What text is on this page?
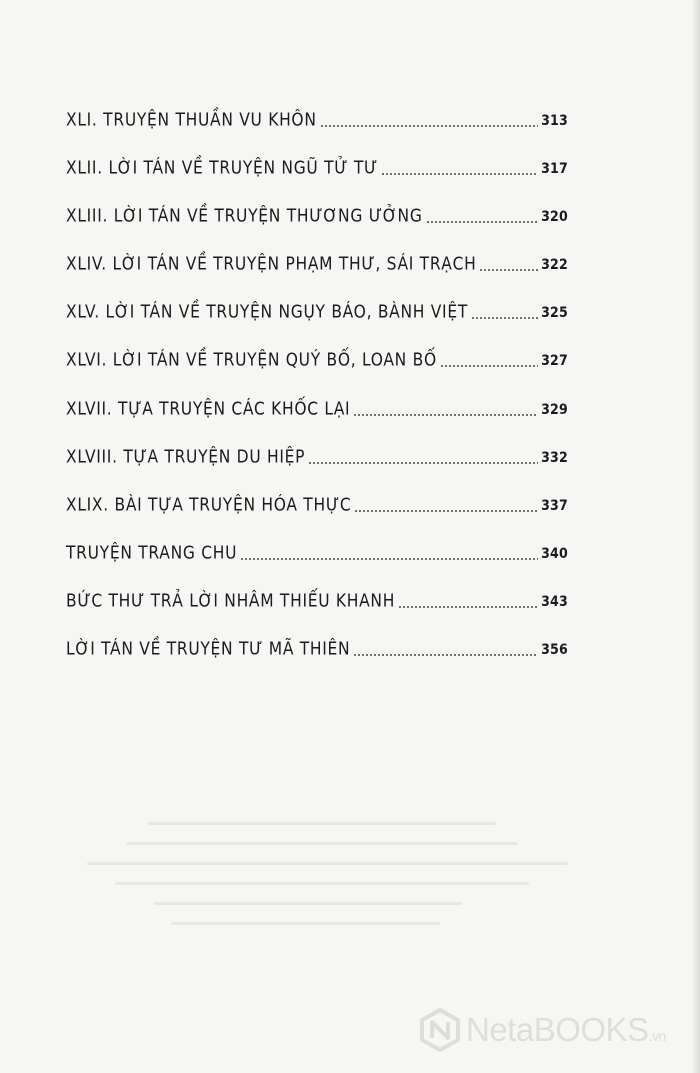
XLI. TRUYỆN THUẦN VU KHÔN	313
XLII. LỜI TÁN VỀ TRUYỆN NGŨ TỬ TƯ	317
XLIII. LỜI TÁN VỀ TRUYỆN THƯƠNG ƯỞNG	320
XLIV. LỜI TÁN VỀ TRUYỆN PHẠM THƯ, SÁI TRẠCH	322
XLV. LỜI TÁN VỀ TRUYỆN NGỤY BÁO, BÀNH VIỆT	325
XLVI. LỜI TÁN VỀ TRUYỆN QUÝ BỐ, LOAN BỐ	327
XLVII. TỰA TRUYỆN CÁC KHỐC LẠI	329
XLVIII. TỰA TRUYỆN DU HIỆP	332
XLIX. BÀI TỰA TRUYỆN HÓA THỰC	337
TRUYỆN TRANG CHU	340
BỨC THƯ TRẢ LỜI NHÂM THIẾU KHANH	343
LỜI TÁN VỀ TRUYỆN TƯ MÃ THIÊN	356
NetaBOOKS.vn
